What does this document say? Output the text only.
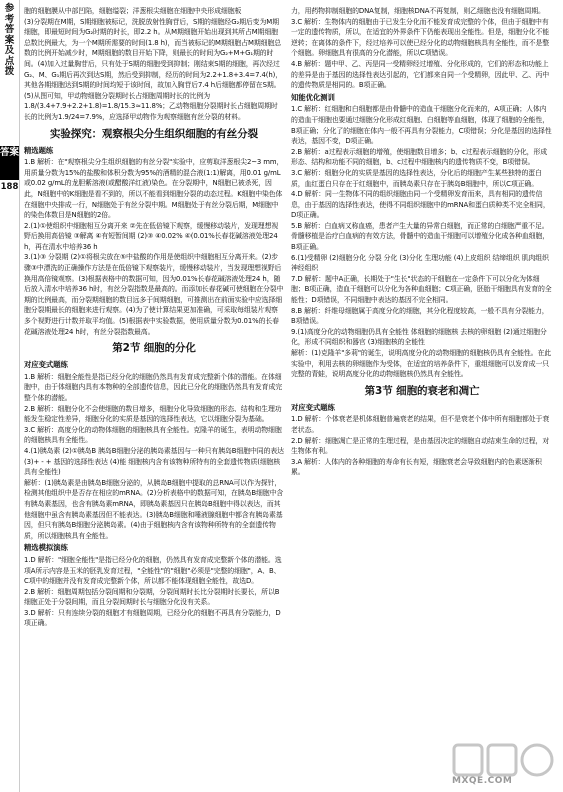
参考答案及点拨
答案
188

胞的细胞膜从中部凹陷，细胞缢裂；洋葱根尖细胞在细胞中央形成细胞板

(3)分裂期在M期，S期细胞被标记，洗脱放射性胸苷后，S期的细胞经G₂期后变为M期细胞，即最短时间为G₂时期的时长，即2.2 h。从M期细胞开始出现到其所占M期细胞总数比例最大，为一个M期所需要的时间(1.8 h)，而当被标记的M期细胞占M期细胞总数的比例开始减少时，M期细胞的数目开始下降，则最长的时间为G₂+M+G₁期的时间。(4)加入过量胸苷后，只有处于S期的细胞受到抑制；刚结束S期的细胞，再次经过G₂、M、G₁期后再次到达S期，然后受到抑制，经历的时间为2.2+1.8+3.4=7.4(h)，其他各期细胞达到S期的时间均短于该时间，故加入胸苷后7.4 h后细胞都停留在S期。(5)从图可知，甲动物细胞分裂期时长占细胞周期时长的比例为1.8/(3.4+7.9+2.2+1.8)=1.8/15.3≈11.8%；乙动物细胞分裂期时长占细胞周期时长的比例为1.9/24=7.9%，应选择甲动物作为观察细胞有丝分裂的材料。

实验探究：观察根尖分生组织细胞的有丝分裂
精选题练

1.B 解析：在"观察根尖分生组织细胞的有丝分裂"实验中，应剪取洋葱根尖2~3 mm，用质量分数为15%的盐酸和体积分数为95%的酒精的混合液(1:1)解离，用0.01 g/mL或0.02 g/mL的龙胆紫溶液(或醋酸洋红液)染色。在分裂期中，N细胞已被杀死，因此，N细胞中的K细胞是看不到的，所以不能看到细胞分裂的动态过程。K细胞中染色体在细胞中央排成一行，N细胞处于有丝分裂中期。M细胞处于有丝分裂后期，M细胞中的染色体数目是N细胞的2倍。

2.(1)①使组织中细胞相互分离开来 ②先在低倍镜下观察，缓慢移动装片，发现理想视野后换用高倍镜 ③解离 ④有短暂间期 (2)③ ④0.02% ④(0.01%长春花碱溶液处理24 h，再在清水中培养36 h

3.(1)③ 分裂期 (2)①将根尖放在⑤中盐酸的作用是使组织中细胞相互分离开来。(2)步骤③中漂洗的正确操作方法是在低倍镜下观察装片，缓慢移动装片，当发现理想视野后换用高倍镜观察。(3)根据表格中的数据可知，因为0.01%长春花碱溶液处理24 h，随后放入清水中培养36 h时，有丝分裂指数是最高的。而添加长春花碱可使细胞在分裂中期的比例最高，而分裂期细胞的数目远多于间期细胞，可推测出在前面实验中应选择细胞分裂期最长的细胞来进行观察。(4)为了使计算结果更加准确，可采取每组装片观察多个视野进行计数并取平均值。(5)根据表中实验数据，使用质量分数为0.01%的长春花碱溶液处理24 h时，有丝分裂指数最高。

第2节 细胞的分化
对应变式题练

1.B 解析：细胞全能性是指已经分化的细胞仍然具有发育成完整新个体的潜能。在体细胞中，由于体细胞内具有本物种的全部遗传信息，因此已分化的细胞仍然具有发育成完整个体的潜能。

2.B 解析：细胞分化不会使细胞的数目增多，细胞分化导致细胞的形态、结构和生理功能发生稳定性差异，细胞分化的实质是基因的选择性表达，它以细胞分裂为基础。

3.C 解析：高度分化的动物体细胞的细胞核具有全能性。克隆羊的诞生，表明动物细胞的细胞核具有全能性。

4.(1)胰岛素 (2)①胰岛B 胰岛B细胞分泌的胰岛素基因与一种只有胰岛B细胞中同的表达 (3)+ - + 基因的选择性表达 (4)能 细胞核内含有该物种所特有的全套遗传物质(细胞核具有全能性)

解析：(1)胰岛素是由胰岛B细胞分泌的，从胰岛B细胞中提取的总RNA可以作为探针，检测其他组织中是否存在相应的mRNA。(2)分析表格中的数据可知，在胰岛B细胞中含有胰岛素基因，也含有胰岛素mRNA，即胰岛素基因只在胰岛B细胞中得以表达，而其他细胞中虽含有胰岛素基因但不能表达。(3)胰岛B细胞和唾液腺细胞中都含有胰岛素基因，但只有胰岛B细胞分泌胰岛素。(4)由于细胞核内含有该物种所特有的全套遗传物质，所以细胞核具有全能性。

精选模拟演练

1.D 解析："细胞全能性"是指已经分化的细胞，仍然具有发育成完整新个体的潜能。选项A所示内容是玉米的胚乳发育过程，"全能性"的"细胞"必须是"完整的细胞"，A、B、C项中的细胞并没有发育成完整新个体，所以都不能体现细胞全能性，故选D。

2.B 解析：细胞周期包括分裂间期和分裂期，分裂间期时长比分裂期时长要长，所以B细胞正处于分裂间期，而且分裂间期时长与细胞分化没有关系。

3.D 解析：只有连续分裂的细胞才有细胞周期，已经分化的细胞不再具有分裂能力，D项正确。

力，用药物抑制细胞的DNA复制，细胞核DNA不再复制，则乙细胞也没有细胞周期。

3.C 解析：生物体内的细胞由于已发生分化而不能发育成完整的个体，但由于细胞中有一定的遗传物质，所以，在适宜的外界条件下仍能表现出全能性。但是，细胞分化不能逆转；在离体的条件下，经过培养可以使已经分化的动物细胞核具有全能性，而不是整个细胞。卵细胞具有很高的分化潜能，所以C项错误。

4.B 解析：题中甲、乙、丙是同一受精卵经过增殖、分化形成的，它们的形态和功能上的差异是由于基因的选择性表达引起的，它们都来自同一个受精卵，因此甲、乙、丙中的遗传物质是相同的。B项正确。

知能优化测训

1.C 解析：红细胞和白细胞都是由骨髓中的造血干细胞分化而来的，A项正确；人体内的造血干细胞也要通过细胞分化形成红细胞、白细胞等血细胞，体现了细胞的全能性，B项正确；分化了的细胞在体内一般不再具有分裂能力，C项错误；分化是基因的选择性表达，基因不变，D项正确。

2.B 解析：a过程表示细胞的增殖，使细胞数目增多；b、c过程表示细胞的分化，形成形态、结构和功能不同的细胞，b、c过程中细胞核内的遗传物质不变，B项错误。

3.C 解析：细胞分化的实质是基因的选择性表达，分化后的细胞产生某些独特的蛋白质，血红蛋白只存在于红细胞中，而胰岛素只存在于胰岛B细胞中，所以C项正确。

4.D 解析：同一生物体不同的组织细胞由同一个受精卵发育而来，具有相同的遗传信息，由于基因的选择性表达，使得不同组织细胞中的mRNA和蛋白质种类不完全相同，D项正确。

5.B 解析：白血病又称血癌，患者产生大量的异常白细胞，而正常的白细胞严重不足。骨髓移植是治疗白血病的有效方法，骨髓中的造血干细胞可以增殖分化成各种血细胞，B项正确。

6.(1)受精卵 (2)细胞分化 分裂 分化 (3)分化 生理功能 (4)上皮组织 结缔组织 肌肉组织 神经组织

7.D 解析：题中A正确，长期处于"生长"状态的干细胞在一定条件下可以分化为体细胞；B项正确，造血干细胞可以分化为各种血细胞；C项正确，胚胎干细胞具有发育的全能性；D项错误，不同细胞中表达的基因不完全相同。

8.B 解析：纤维母细胞属于高度分化的细胞，其分化程度较高，一般不具有分裂能力，B项错误。

9.(1)高度分化的动物细胞仍具有全能性 体细胞的细胞核 去核的卵细胞 (2)通过细胞分化，形成不同组织和器官 (3)细胞核的全能性

解析：(1)克隆羊"多莉"的诞生，说明高度分化的动物细胞的细胞核仍具有全能性。在此实验中，利用去核的卵细胞作为受体，在适宜的培养条件下，重组细胞可以发育成一只完整的青蛙，说明高度分化的动物细胞核仍然具有全能性。

第3节 细胞的衰老和凋亡
对应变式题练

1.D 解析：个体衰老是机体细胞普遍衰老的结果，但不是衰老个体中所有细胞都处于衰老状态。

2.D 解析：细胞凋亡是正常的生理过程，是由基因决定的细胞自动结束生命的过程，对生物体有利。

3.A 解析：人体内的各种细胞的寿命有长有短，细胞衰老会导致细胞内的色素逐渐积累。

MXQE.COM
